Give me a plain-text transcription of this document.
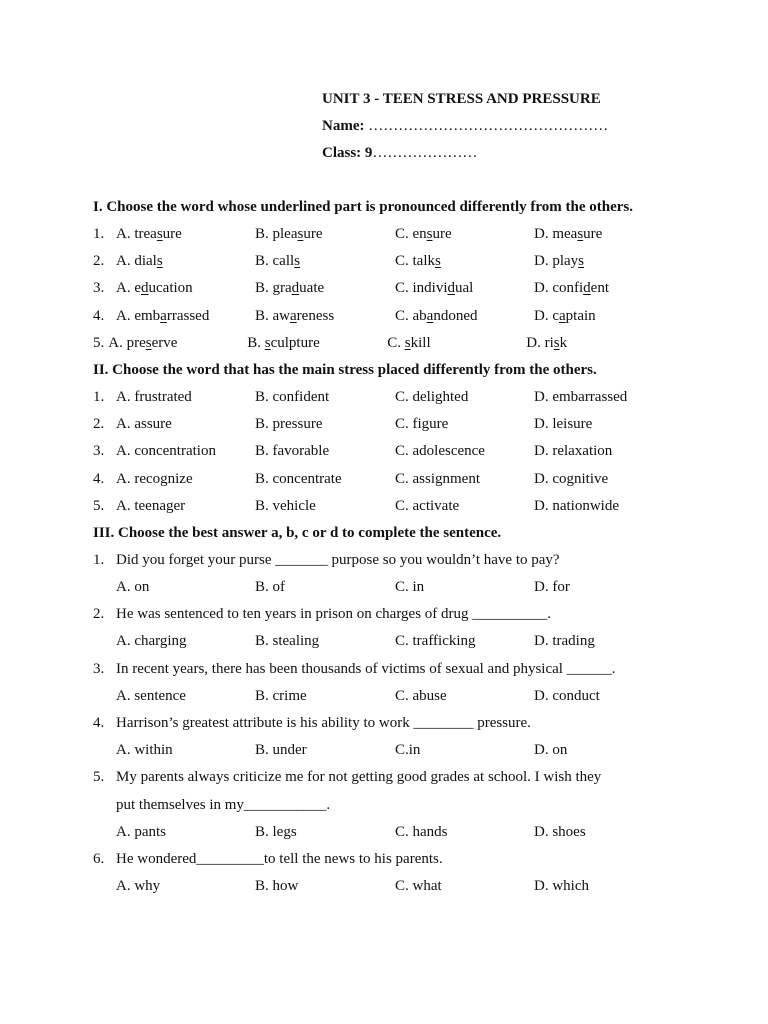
UNIT 3 - TEEN STRESS AND PRESSURE
Name: …………………………………………
Class: 9…………………
I. Choose the word whose underlined part is pronounced differently from the others.
1. A. treasure	B. pleasure	C. ensure	D. measure
2. A. dials	B. calls	C. talks	D. plays
3. A. education	B. graduate	C. individual	D. confident
4. A. embarrassed	B. awareness	C. abandoned	D. captain
5. A. preserve	B. sculpture	C. skill	D. risk
II. Choose the word that has the main stress placed differently from the others.
1. A. frustrated	B. confident	C. delighted	D. embarrassed
2. A. assure	B. pressure	C. figure	D. leisure
3. A. concentration	B. favorable	C. adolescence	D. relaxation
4. A. recognize	B. concentrate	C. assignment	D. cognitive
5. A. teenager	B. vehicle	C. activate	D. nationwide
III. Choose the best answer a, b, c or d to complete the sentence.
1. Did you forget your purse _______ purpose so you wouldn’t have to pay?
A. on	B. of	C. in	D. for
2. He was sentenced to ten years in prison on charges of drug __________.
A. charging	B. stealing	C. trafficking	D. trading
3. In recent years, there has been thousands of victims of sexual and physical ______.
A. sentence	B. crime	C. abuse	D. conduct
4. Harrison’s greatest attribute is his ability to work ________ pressure.
A. within	B. under	C.in	D. on
5. My parents always criticize me for not getting good grades at school. I wish they
put themselves in my___________.
A. pants	B. legs	C. hands	D. shoes
6. He wondered_________to tell the news to his parents.
A. why	B. how	C. what	D. which
